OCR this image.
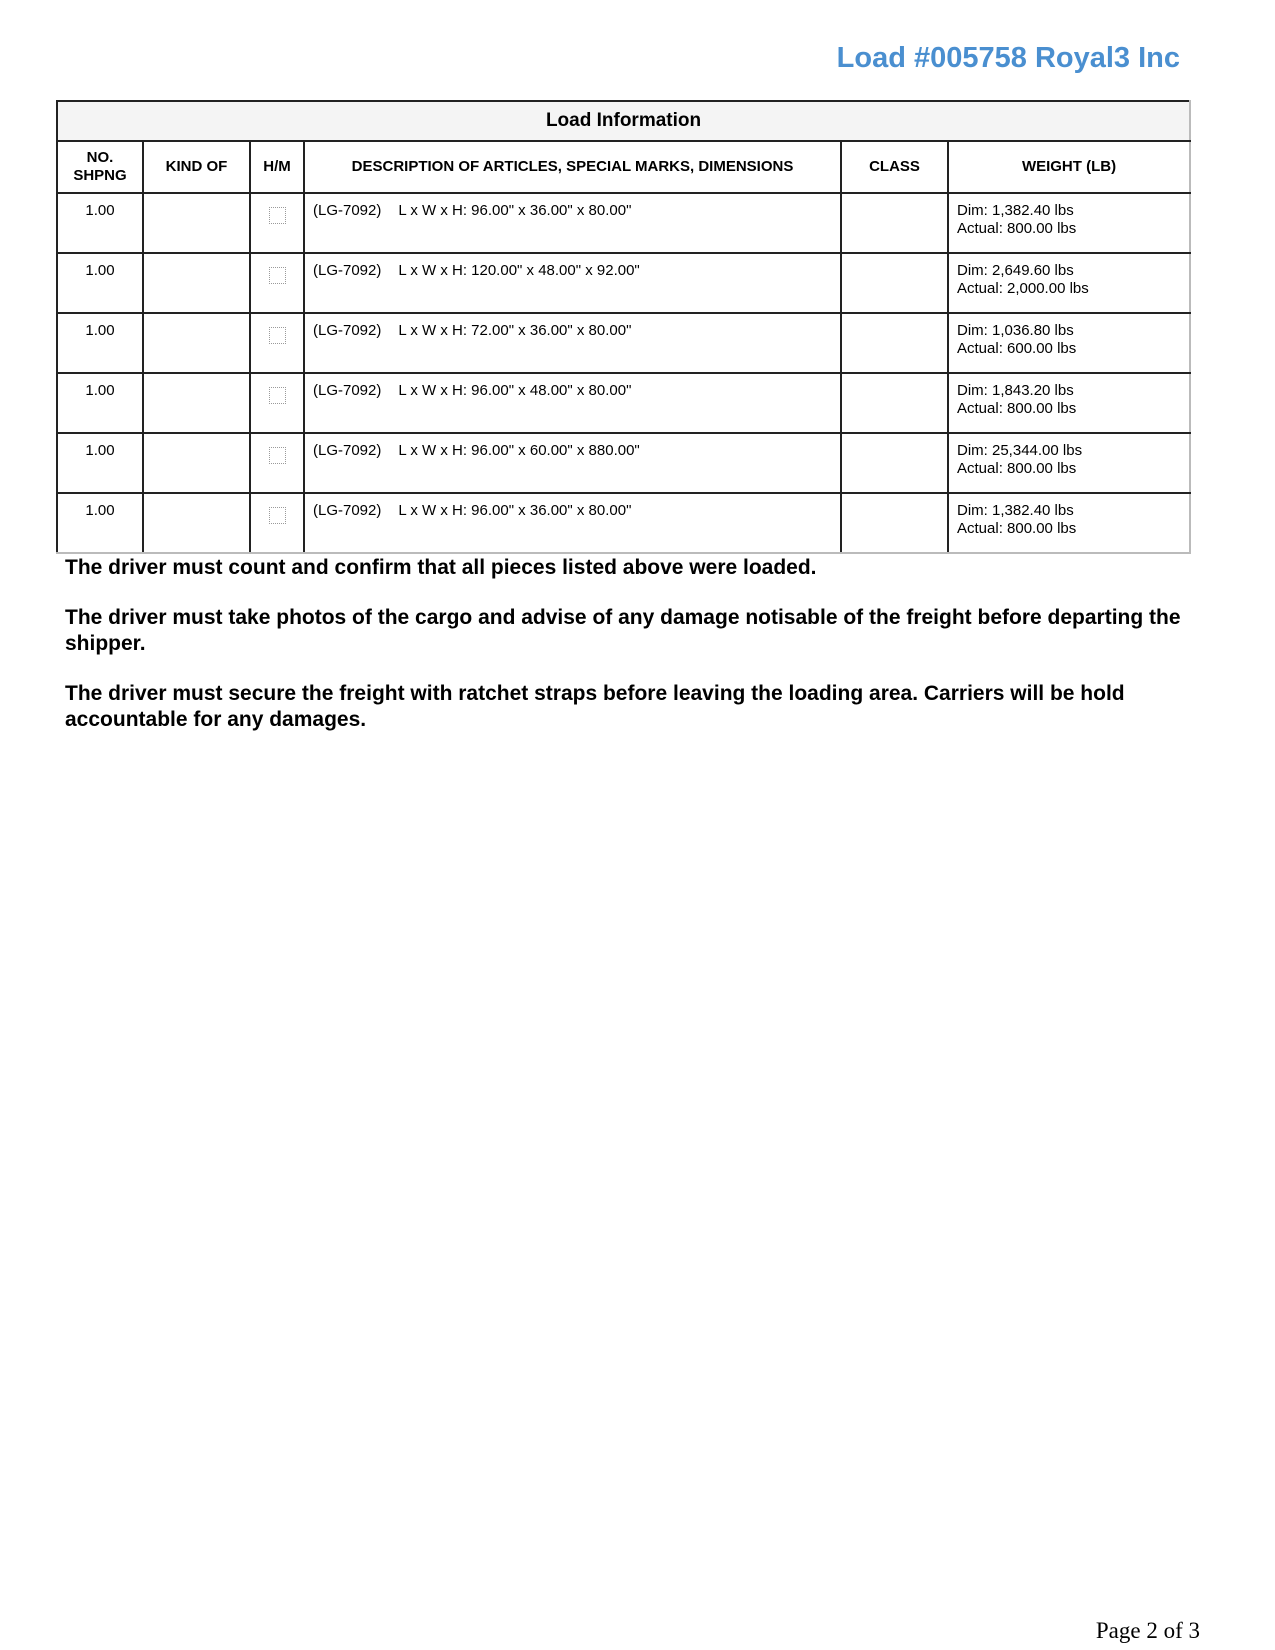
Load #005758 Royal3 Inc
Load Information					
NO. SHPNG	KIND OF	H/M	DESCRIPTION OF ARTICLES, SPECIAL MARKS, DIMENSIONS	CLASS	WEIGHT (LB)
1.00			(LG-7092) L x W x H: 96.00" x 36.00" x 80.00"		Dim: 1,382.40 lbs
Actual: 800.00 lbs

1.00			(LG-7092) L x W x H: 120.00" x 48.00" x 92.00"		Dim: 2,649.60 lbs
Actual: 2,000.00 lbs

1.00			(LG-7092) L x W x H: 72.00" x 36.00" x 80.00"		Dim: 1,036.80 lbs
Actual: 600.00 lbs

1.00			(LG-7092) L x W x H: 96.00" x 48.00" x 80.00"		Dim: 1,843.20 lbs
Actual: 800.00 lbs

1.00			(LG-7092) L x W x H: 96.00" x 60.00" x 880.00"		Dim: 25,344.00 lbs
Actual: 800.00 lbs

1.00			(LG-7092) L x W x H: 96.00" x 36.00" x 80.00"		Dim: 1,382.40 lbs
Actual: 800.00 lbs

The driver must count and confirm that all pieces listed above were loaded.

The driver must take photos of the cargo and advise of any damage notisable of the freight before departing the shipper.

The driver must secure the freight with ratchet straps before leaving the loading area. Carriers will be hold accountable for any damages.

Page 2 of 3
